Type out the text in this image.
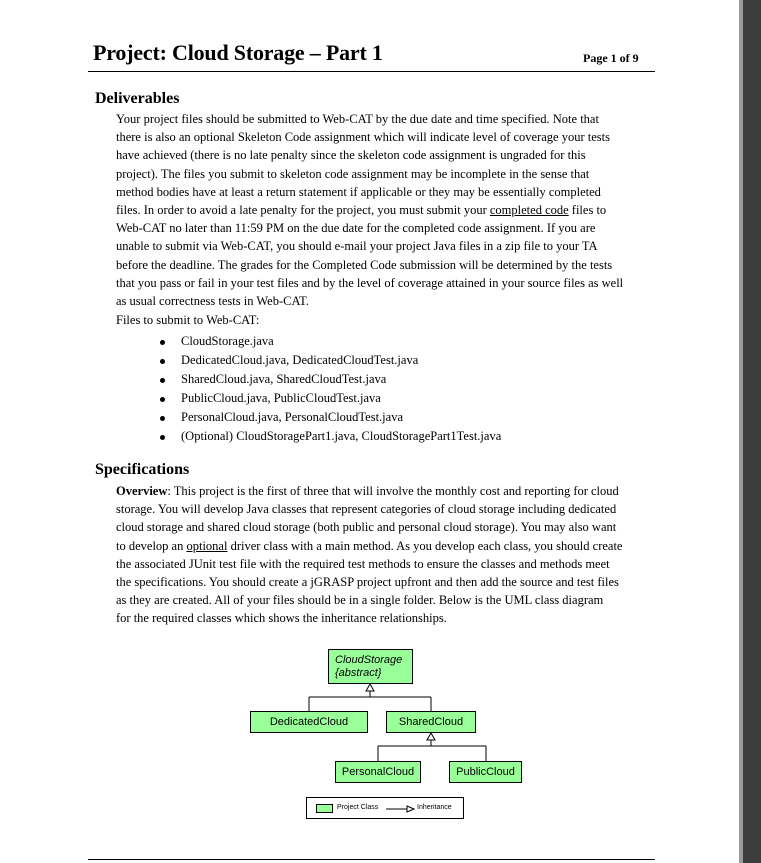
Project: Cloud Storage – Part 1	Page 1 of 9
Deliverables

Your project files should be submitted to Web-CAT by the due date and time specified. Note that

there is also an optional Skeleton Code assignment which will indicate level of coverage your tests

have achieved (there is no late penalty since the skeleton code assignment is ungraded for this

project). The files you submit to skeleton code assignment may be incomplete in the sense that

method bodies have at least a return statement if applicable or they may be essentially completed

files. In order to avoid a late penalty for the project, you must submit your completed code files to

Web-CAT no later than 11:59 PM on the due date for the completed code assignment. If you are

unable to submit via Web-CAT, you should e-mail your project Java files in a zip file to your TA

before the deadline. The grades for the Completed Code submission will be determined by the tests

that you pass or fail in your test files and by the level of coverage attained in your source files as well

as usual correctness tests in Web-CAT.

Files to submit to Web-CAT:
CloudStorage.java
DedicatedCloud.java, DedicatedCloudTest.java
SharedCloud.java, SharedCloudTest.java
PublicCloud.java, PublicCloudTest.java
PersonalCloud.java, PersonalCloudTest.java
(Optional) CloudStoragePart1.java, CloudStoragePart1Test.java
Specifications

Overview: This project is the first of three that will involve the monthly cost and reporting for cloud

storage. You will develop Java classes that represent categories of cloud storage including dedicated

cloud storage and shared cloud storage (both public and personal cloud storage). You may also want

to develop an optional driver class with a main method. As you develop each class, you should create

the associated JUnit test file with the required test methods to ensure the classes and methods meet

the specifications. You should create a jGRASP project upfront and then add the source and test files

as they are created. All of your files should be in a single folder. Below is the UML class diagram

for the required classes which shows the inheritance relationships.

CloudStorage
{abstract}
DedicatedCloud	SharedCloud
PersonalCloud	PublicCloud
Project Class	Inheritance
